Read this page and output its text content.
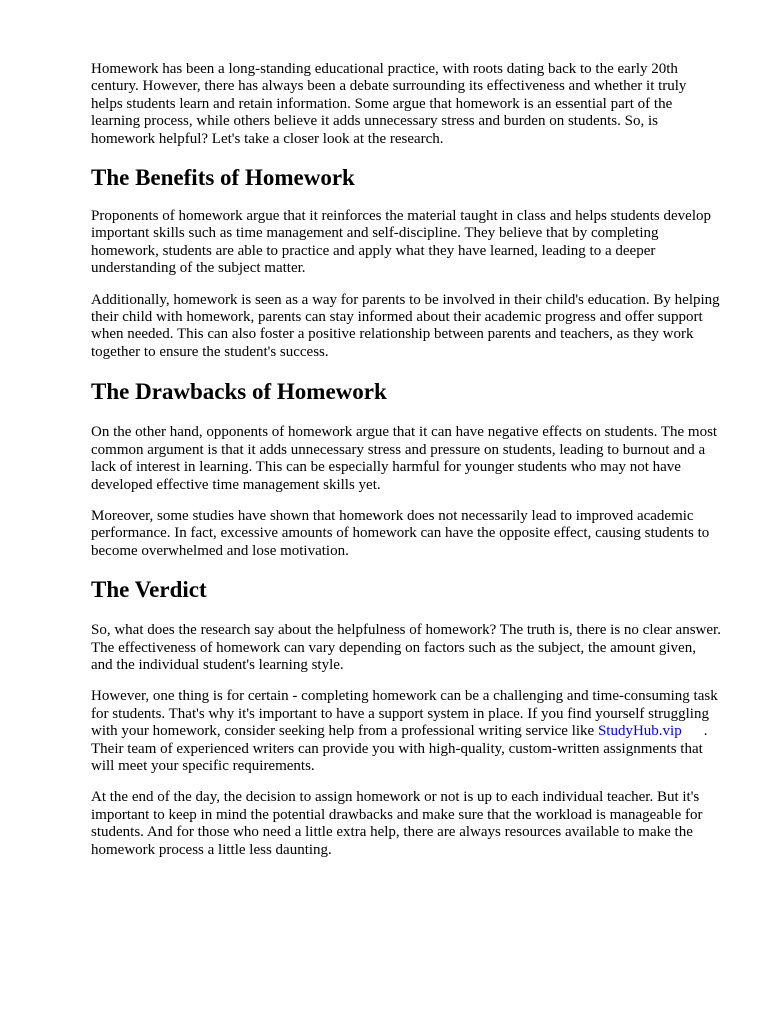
Homework has been a long-standing educational practice, with roots dating back to the early 20th century. However, there has always been a debate surrounding its effectiveness and whether it truly helps students learn and retain information. Some argue that homework is an essential part of the learning process, while others believe it adds unnecessary stress and burden on students. So, is homework helpful? Let's take a closer look at the research.

The Benefits of Homework

Proponents of homework argue that it reinforces the material taught in class and helps students develop important skills such as time management and self-discipline. They believe that by completing homework, students are able to practice and apply what they have learned, leading to a deeper understanding of the subject matter.

Additionally, homework is seen as a way for parents to be involved in their child's education. By helping their child with homework, parents can stay informed about their academic progress and offer support when needed. This can also foster a positive relationship between parents and teachers, as they work together to ensure the student's success.

The Drawbacks of Homework

On the other hand, opponents of homework argue that it can have negative effects on students. The most common argument is that it adds unnecessary stress and pressure on students, leading to burnout and a lack of interest in learning. This can be especially harmful for younger students who may not have developed effective time management skills yet.

Moreover, some studies have shown that homework does not necessarily lead to improved academic performance. In fact, excessive amounts of homework can have the opposite effect, causing students to become overwhelmed and lose motivation.

The Verdict

So, what does the research say about the helpfulness of homework? The truth is, there is no clear answer. The effectiveness of homework can vary depending on factors such as the subject, the amount given, and the individual student's learning style.

However, one thing is for certain - completing homework can be a challenging and time-consuming task for students. That's why it's important to have a support system in place. If you find yourself struggling with your homework, consider seeking help from a professional writing service like StudyHub.vip . Their team of experienced writers can provide you with high-quality, custom-written assignments that will meet your specific requirements.

At the end of the day, the decision to assign homework or not is up to each individual teacher. But it's important to keep in mind the potential drawbacks and make sure that the workload is manageable for students. And for those who need a little extra help, there are always resources available to make the homework process a little less daunting.
